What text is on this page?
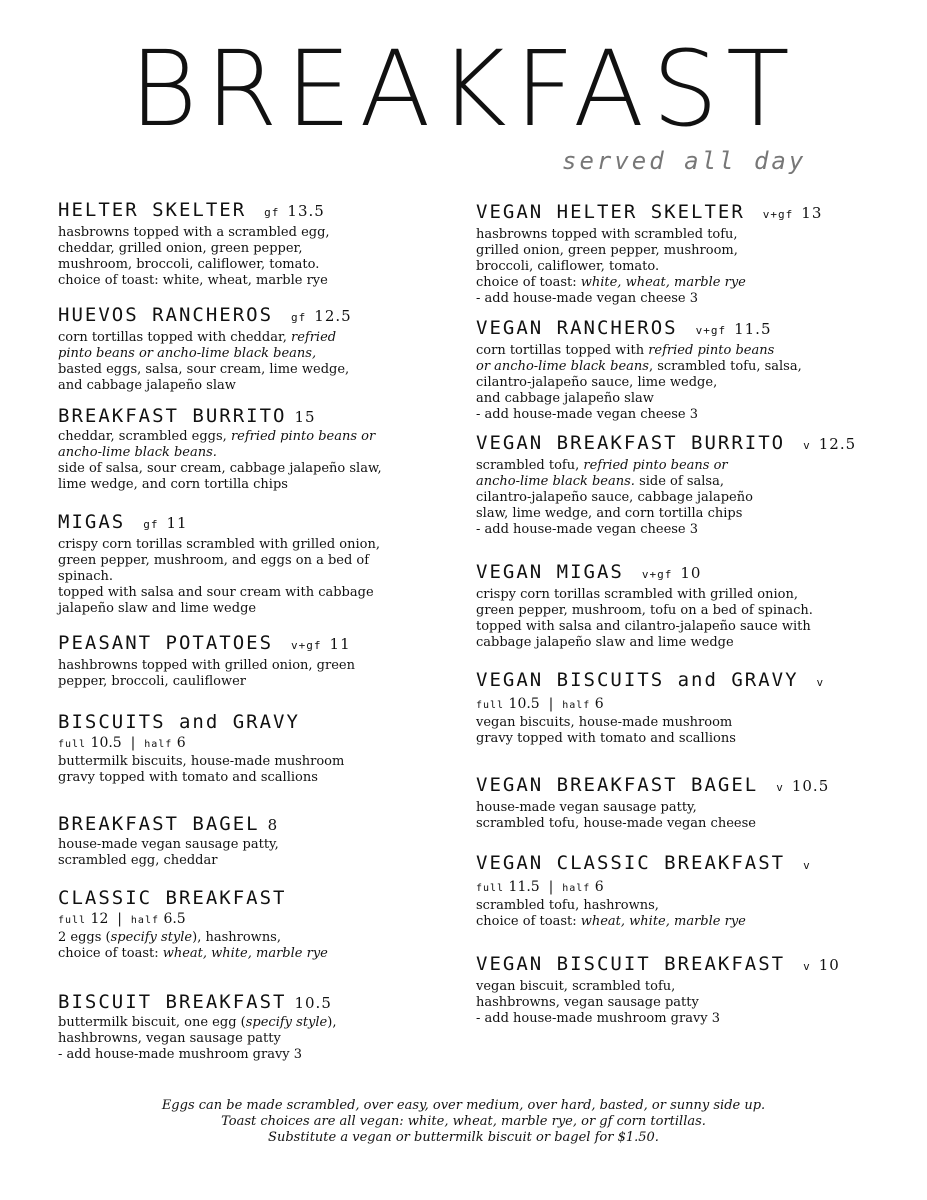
BREAKFAST
served all day
HELTER SKELTER gf 13.5
hasbrowns topped with a scrambled egg,
cheddar, grilled onion, green pepper,
mushroom, broccoli, califlower, tomato.
choice of toast: white, wheat, marble rye
HUEVOS RANCHEROS gf 12.5
corn tortillas topped with cheddar, refried
pinto beans or ancho-lime black beans,
basted eggs, salsa, sour cream, lime wedge,
and cabbage jalapeño slaw
BREAKFAST BURRITO 15
cheddar, scrambled eggs, refried pinto beans or
ancho-lime black beans.
side of salsa, sour cream, cabbage jalapeño slaw,
lime wedge, and corn tortilla chips
MIGAS gf 11
crispy corn torillas scrambled with grilled onion,
green pepper, mushroom, and eggs on a bed of
spinach.
topped with salsa and sour cream with cabbage
jalapeño slaw and lime wedge
PEASANT POTATOES v+gf 11
hashbrowns topped with grilled onion, green
pepper, broccoli, cauliflower
BISCUITS and GRAVY
full 10.5  |  half 6
buttermilk biscuits, house-made mushroom
gravy topped with tomato and scallions
BREAKFAST BAGEL 8
house-made vegan sausage patty,
scrambled egg, cheddar
CLASSIC BREAKFAST
full 12  |  half 6.5
2 eggs (specify style), hashrowns,
choice of toast: wheat, white, marble rye
BISCUIT BREAKFAST 10.5
buttermilk biscuit, one egg (specify style),
hashbrowns, vegan sausage patty
- add house-made mushroom gravy 3
VEGAN HELTER SKELTER v+gf 13
hasbrowns topped with scrambled tofu,
grilled onion, green pepper, mushroom,
broccoli, califlower, tomato.
choice of toast: white, wheat, marble rye
- add house-made vegan cheese 3
VEGAN RANCHEROS v+gf 11.5
corn tortillas topped with refried pinto beans
or ancho-lime black beans, scrambled tofu, salsa,
cilantro-jalapeño sauce, lime wedge,
and cabbage jalapeño slaw
- add house-made vegan cheese 3
VEGAN BREAKFAST BURRITO v 12.5
scrambled tofu, refried pinto beans or
ancho-lime black beans. side of salsa,
cilantro-jalapeño sauce, cabbage jalapeño
slaw, lime wedge, and corn tortilla chips
- add house-made vegan cheese 3
VEGAN MIGAS v+gf 10
crispy corn torillas scrambled with grilled onion,
green pepper, mushroom, tofu on a bed of spinach.
topped with salsa and cilantro-jalapeño sauce with
cabbage jalapeño slaw and lime wedge
VEGAN BISCUITS and GRAVY v
full 10.5  |  half 6
vegan biscuits, house-made mushroom
gravy topped with tomato and scallions
VEGAN BREAKFAST BAGEL v 10.5
house-made vegan sausage patty,
scrambled tofu, house-made vegan cheese
VEGAN CLASSIC BREAKFAST v
full 11.5  |  half 6
scrambled tofu, hashrowns,
choice of toast: wheat, white, marble rye
VEGAN BISCUIT BREAKFAST v 10
vegan biscuit, scrambled tofu,
hashbrowns, vegan sausage patty
- add house-made mushroom gravy 3
Eggs can be made scrambled, over easy, over medium, over hard, basted, or sunny side up.
Toast choices are all vegan: white, wheat, marble rye, or gf corn tortillas.
Substitute a vegan or buttermilk biscuit or bagel for $1.50.
